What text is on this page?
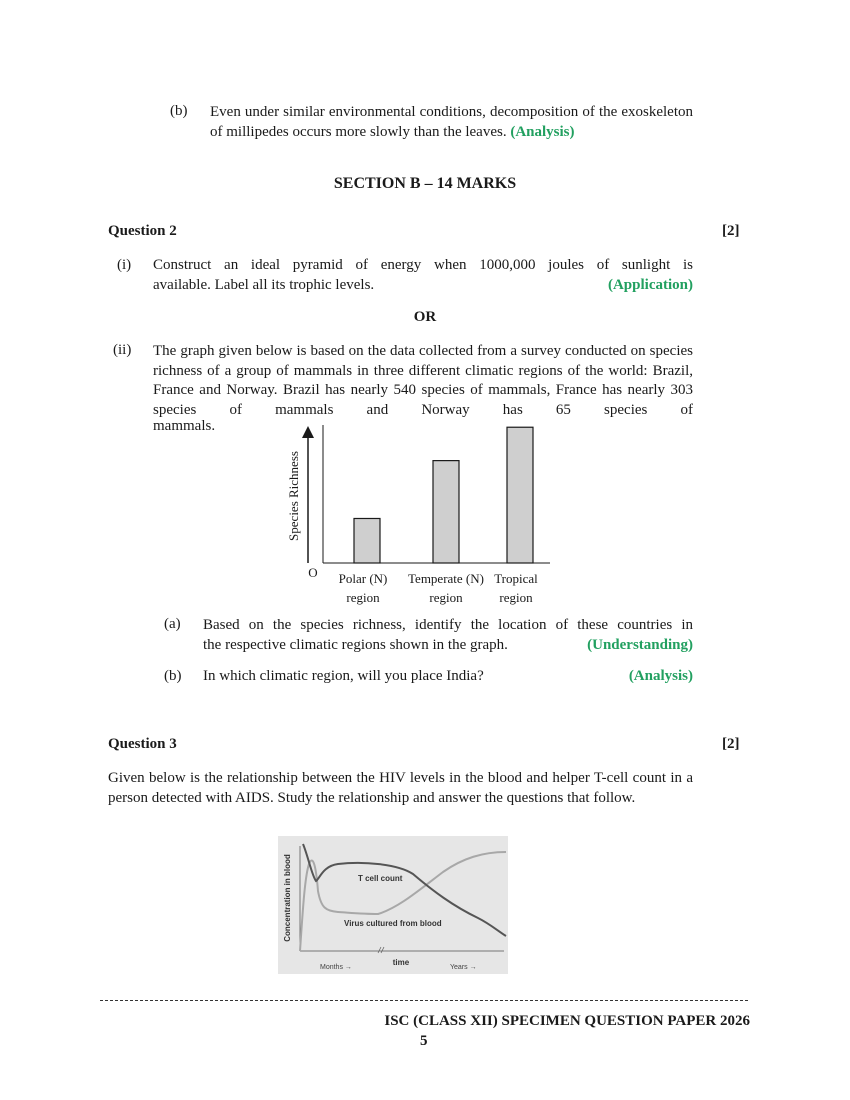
(b) Even under similar environmental conditions, decomposition of the exoskeleton of millipedes occurs more slowly than the leaves. (Analysis)
SECTION B – 14 MARKS
Question 2	[2]
(i) Construct an ideal pyramid of energy when 1000,000 joules of sunlight is
available. Label all its trophic levels.	(Application)
OR
(ii) The graph given below is based on the data collected from a survey conducted on species richness of a group of mammals in three different climatic regions of the world: Brazil, France and Norway. Brazil has nearly 540 species of mammals, France has nearly 303 species of mammals and Norway has 65 species of
mammals.
Species Richness
O Polar (N)
region
Temperate (N)
region
Tropical
region
(a) Based on the species richness, identify the location of these countries in
the respective climatic regions shown in the graph.	(Understanding)
(b) In which climatic region, will you place India?	(Analysis)
Question 3	[2]
Given below is the relationship between the HIV levels in the blood and helper T-cell count in a person detected with AIDS. Study the relationship and answer the questions that follow.
T cell count
Virus cultured from blood
Concentration in blood
time
Months →	Years →
ISC (CLASS XII) SPECIMEN QUESTION PAPER 2026
5
